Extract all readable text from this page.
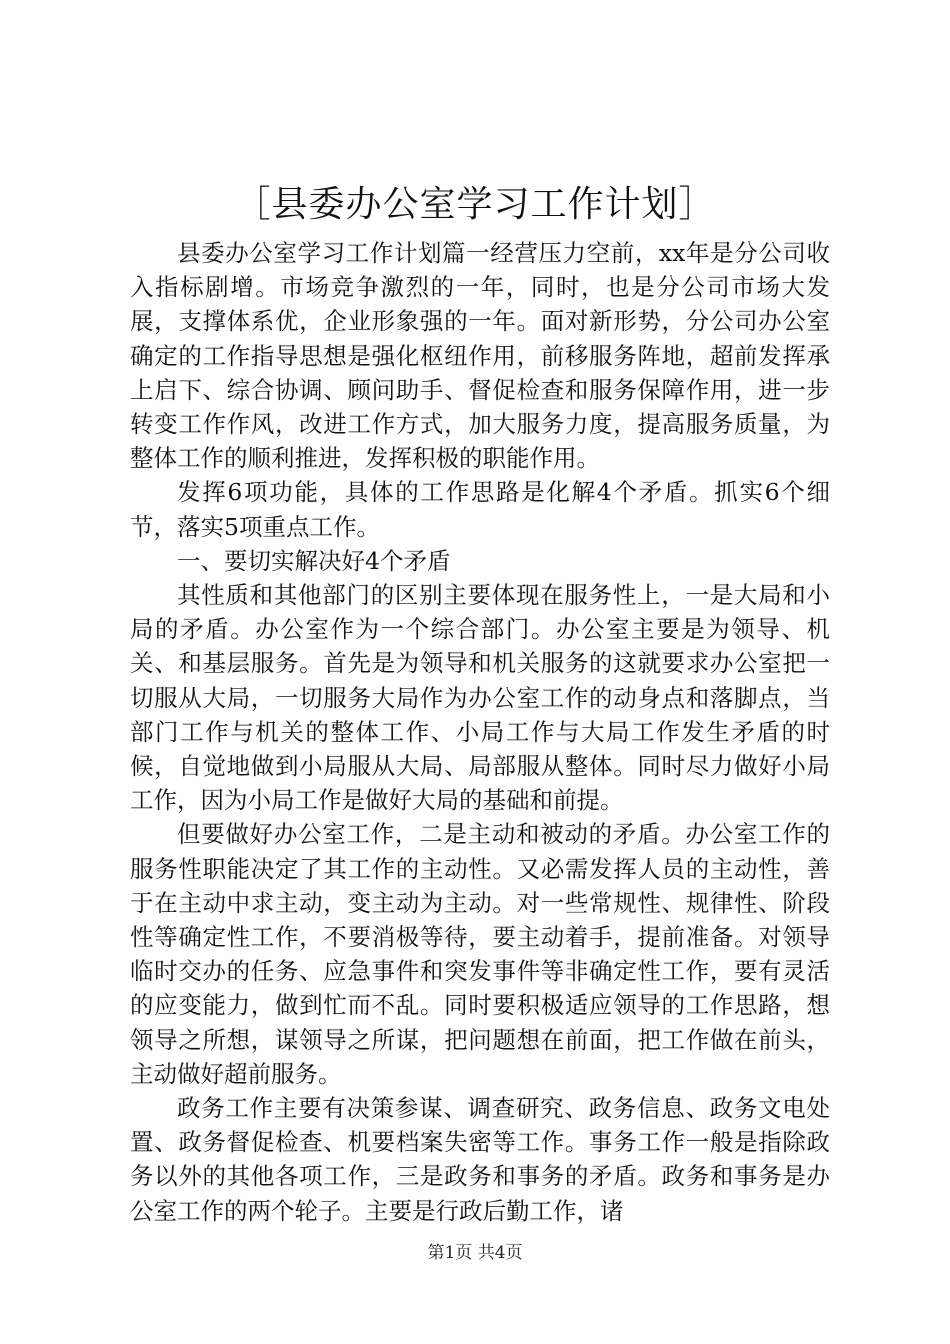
［县委办公室学习工作计划］

县委办公室学习工作计划篇一经营压力空前，xx年是分公司收入指标剧增。市场竞争激烈的一年，同时，也是分公司市场大发展，支撑体系优，企业形象强的一年。面对新形势，分公司办公室确定的工作指导思想是强化枢纽作用，前移服务阵地，超前发挥承上启下、综合协调、顾问助手、督促检查和服务保障作用，进一步转变工作作风，改进工作方式，加大服务力度，提高服务质量，为整体工作的顺利推进，发挥积极的职能作用。

发挥6项功能，具体的工作思路是化解4个矛盾。抓实6个细节，落实5项重点工作。

一、要切实解决好4个矛盾

其性质和其他部门的区别主要体现在服务性上，一是大局和小局的矛盾。办公室作为一个综合部门。办公室主要是为领导、机关、和基层服务。首先是为领导和机关服务的这就要求办公室把一切服从大局，一切服务大局作为办公室工作的动身点和落脚点，当部门工作与机关的整体工作、小局工作与大局工作发生矛盾的时候，自觉地做到小局服从大局、局部服从整体。同时尽力做好小局工作，因为小局工作是做好大局的基础和前提。

但要做好办公室工作，二是主动和被动的矛盾。办公室工作的服务性职能决定了其工作的主动性。又必需发挥人员的主动性，善于在主动中求主动，变主动为主动。对一些常规性、规律性、阶段性等确定性工作，不要消极等待，要主动着手，提前准备。对领导临时交办的任务、应急事件和突发事件等非确定性工作，要有灵活的应变能力，做到忙而不乱。同时要积极适应领导的工作思路，想领导之所想，谋领导之所谋，把问题想在前面，把工作做在前头，主动做好超前服务。

政务工作主要有决策参谋、调查研究、政务信息、政务文电处置、政务督促检查、机要档案失密等工作。事务工作一般是指除政务以外的其他各项工作，三是政务和事务的矛盾。政务和事务是办公室工作的两个轮子。主要是行政后勤工作，诸

第1页 共4页
